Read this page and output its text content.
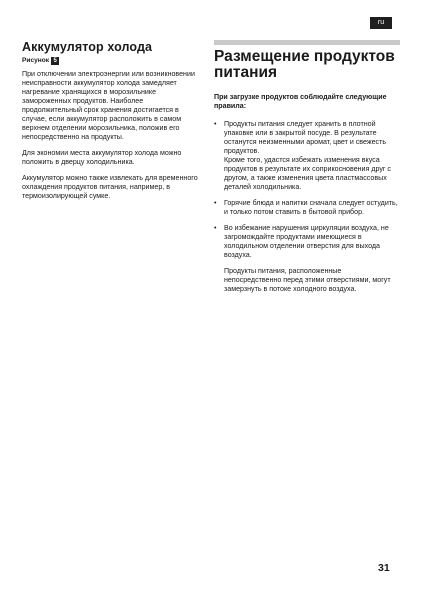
ru
Аккумулятор холода
Рисунок 5

При отключении электроэнергии или возникновении неисправности аккумулятор холода замедляет нагревание хранящихся в морозильнике замороженных продуктов. Наиболее продолжительный срок хранения достигается в случае, если аккумулятор расположить в самом верхнем отделении морозильника, положив его непосредственно на продукты.

Для экономии места аккумулятор холода можно положить в дверцу холодильника.

Аккумулятор можно также извлекать для временного охлаждения продуктов питания, например, в термоизолирующей сумке.

Размещение продуктов питания

При загрузке продуктов соблюдайте следующие правила:

• Продукты питания следует хранить в плотной упаковке или в закрытой посуде. В результате останутся неизменными аромат, цвет и свежесть продуктов.

Кроме того, удастся избежать изменения вкуса продуктов в результате их соприкосновения друг с другом, а также изменения цвета пластмассовых деталей холодильника.

• Горячие блюда и напитки сначала следует остудить, и только потом ставить в бытовой прибор.

• Во избежание нарушения циркуляции воздуха, не загромождайте продуктами имеющиеся в холодильном отделении отверстия для выхода воздуха.

Продукты питания, расположенные непосредственно перед этими отверстиями, могут замерзнуть в потоке холодного воздуха.

31
